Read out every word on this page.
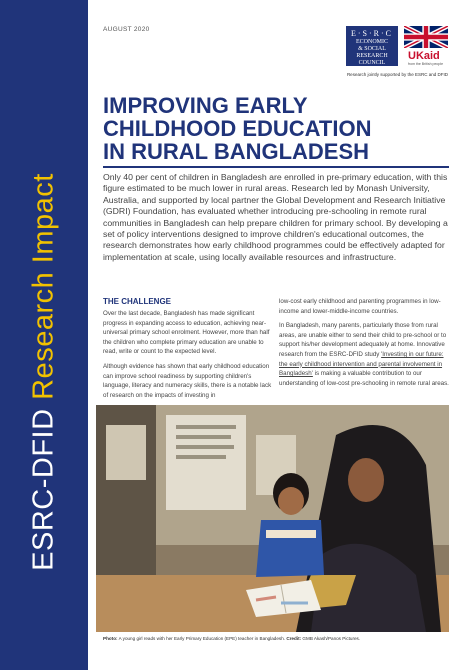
ESRC-DFID Research Impact
AUGUST 2020	E·S·R·C
ECONOMIC
& SOCIAL
RESEARCH
COUNCIL
UKaid
from the British people
Research jointly supported by the ESRC and DFID
IMPROVING EARLY
CHILDHOOD EDUCATION
IN RURAL BANGLADESH

Only 40 per cent of children in Bangladesh are enrolled in pre-primary education, with this figure estimated to be much lower in rural areas. Research led by Monash University, Australia, and supported by local partner the Global Development and Research Initiative (GDRI) Foundation, has evaluated whether introducing pre-schooling in remote rural communities in Bangladesh can help prepare children for primary school. By developing a set of policy interventions designed to improve children's educational outcomes, the research demonstrates how early childhood programmes could be effectively adapted for implementation at scale, using locally available resources and infrastructure.

THE CHALLENGE

Over the last decade, Bangladesh has made significant progress in expanding access to education, achieving near-universal primary school enrolment. However, more than half the children who complete primary education are unable to read, write or count to the expected level.

Although evidence has shown that early childhood education can improve school readiness by supporting children's language, literacy and numeracy skills, there is a notable lack of research on the impacts of investing in

low-cost early childhood and parenting programmes in low-income and lower-middle-income countries.

In Bangladesh, many parents, particularly those from rural areas, are unable either to send their child to pre-school or to support his/her development adequately at home. Innovative research from the ESRC-DFID study 'Investing in our future: the early childhood intervention and parental involvement in Bangladesh' is making a valuable contribution to our understanding of low-cost pre-schooling in remote rural areas.

Photo: A young girl reads with her Early Primary Education (EPE) teacher in Bangladesh. Credit: GMB Akash/Panos Pictures.
